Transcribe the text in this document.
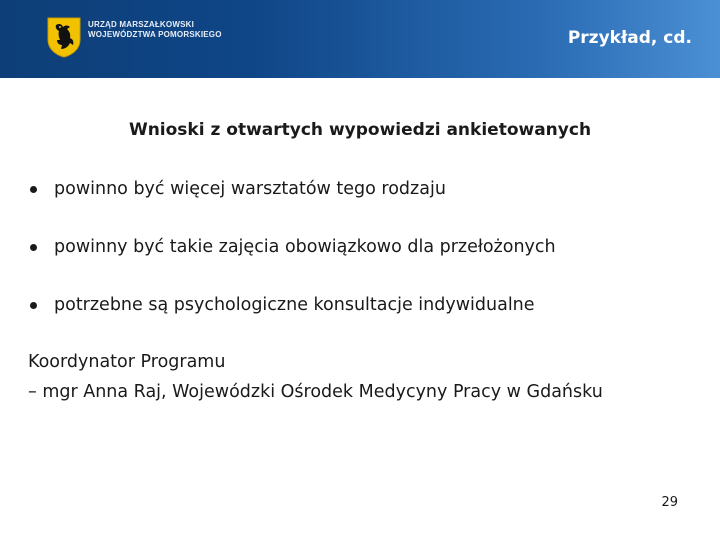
URZĄD MARSZAŁKOWSKI
WOJEWÓDZTWA POMORSKIEGO	Przykład, cd.
Wnioski z otwartych wypowiedzi ankietowanych
powinno być więcej warsztatów tego rodzaju
powinny być takie zajęcia obowiązkowo dla przełożonych
potrzebne są psychologiczne konsultacje indywidualne
Koordynator Programu
– mgr Anna Raj, Wojewódzki Ośrodek Medycyny Pracy w Gdańsku
29
